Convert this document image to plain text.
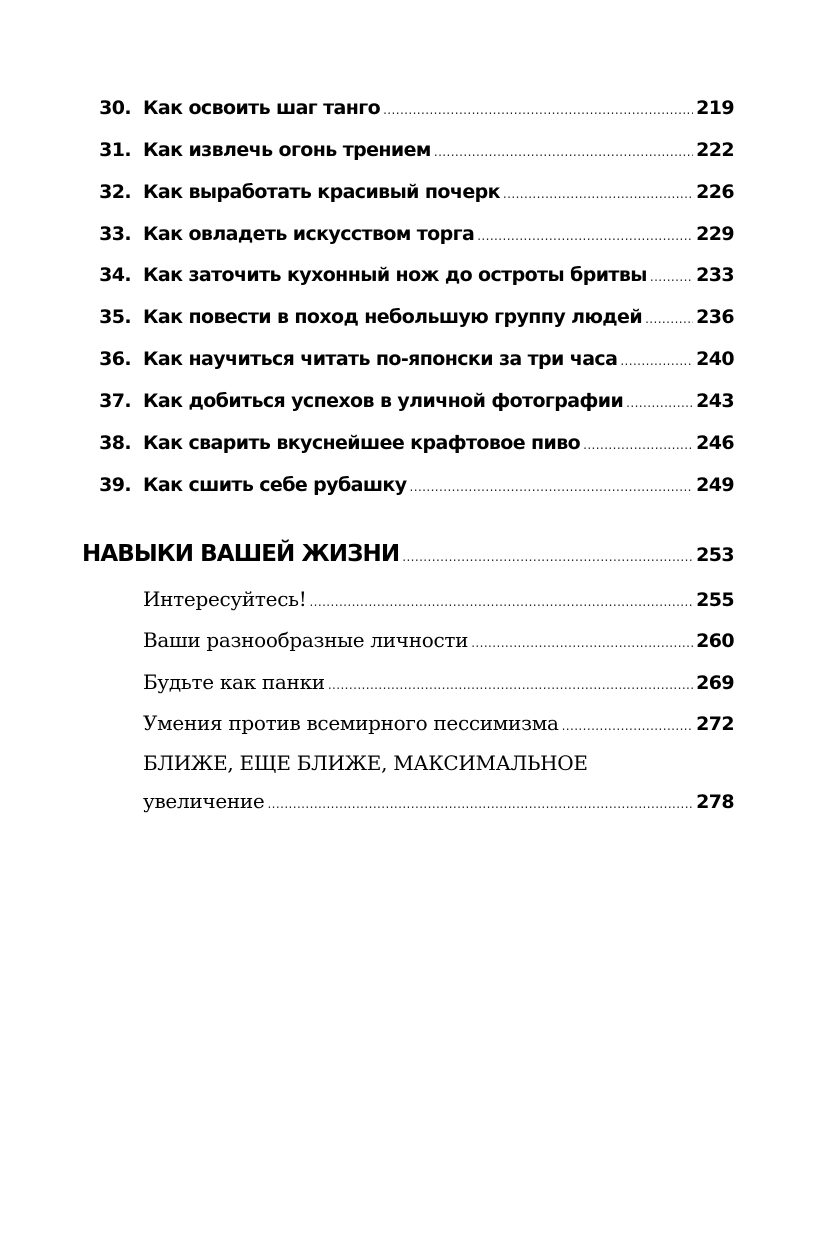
30. Как освоить шаг танго .....	219
31. Как извлечь огонь трением .....	222
32. Как выработать красивый почерк .....	226
33. Как овладеть искусством торга .....	229
34. Как заточить кухонный нож до остроты бритвы .....	233
35. Как повести в поход небольшую группу людей .....	236
36. Как научиться читать по-японски за три часа .....	240
37. Как добиться успехов в уличной фотографии .....	243
38. Как сварить вкуснейшее крафтовое пиво .....	246
39. Как сшить себе рубашку .....	249
НАВЫКИ ВАШЕЙ ЖИЗНИ .....	253
Интересуйтесь! .....	255
Ваши разнообразные личности .....	260
Будьте как панки .....	269
Умения против всемирного пессимизма .....	272
БЛИЖЕ, ЕЩЕ БЛИЖЕ, МАКСИМАЛЬНОЕ
увеличение .....	278
